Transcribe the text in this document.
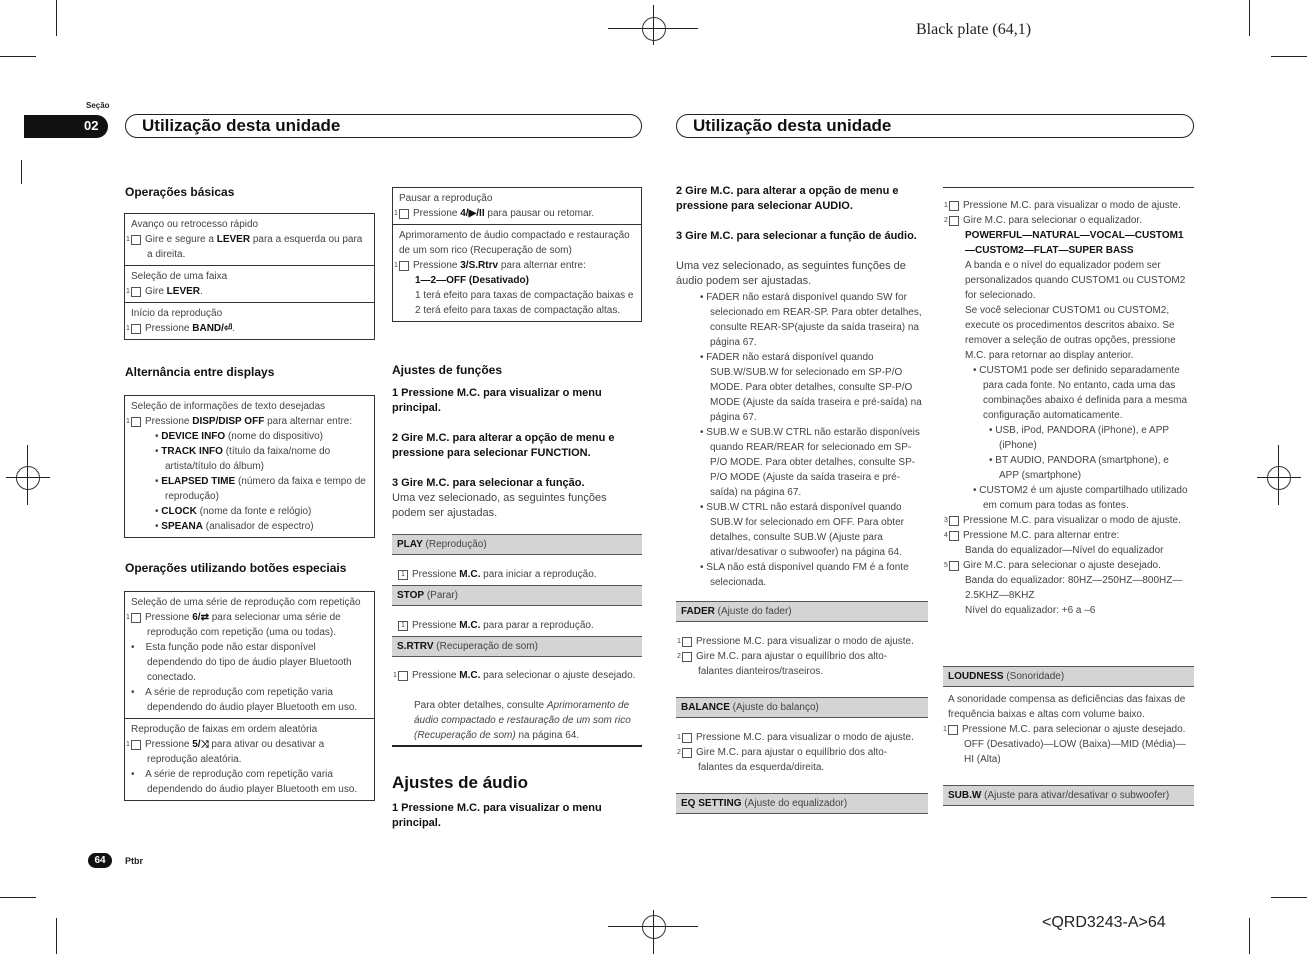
Black plate (64,1)
<QRD3243-A>64
Seção
02	Utilização desta unidade	Utilização desta unidade
Operações básicas
Avanço ou retrocesso rápido
1 Gire e segure a LEVER para a esquerda ou para a direita.
Seleção de uma faixa
1 Gire LEVER.
Início da reprodução
1 Pressione BAND/⏎.
Alternância entre displays
Seleção de informações de texto desejadas
1 Pressione DISP/DISP OFF para alternar entre:
• DEVICE INFO (nome do dispositivo)
• TRACK INFO (título da faixa/nome do artista/título do álbum)
• ELAPSED TIME (número da faixa e tempo de reprodução)
• CLOCK (nome da fonte e relógio)
• SPEANA (analisador de espectro)
Operações utilizando botões especiais
Seleção de uma série de reprodução com repetição
1 Pressione 6/⇄ para selecionar uma série de reprodução com repetição (uma ou todas).
•    Esta função pode não estar disponível dependendo do tipo de áudio player Bluetooth conectado.
•    A série de reprodução com repetição varia dependendo do áudio player Bluetooth em uso.
Reprodução de faixas em ordem aleatória
1 Pressione 5/⤨ para ativar ou desativar a reprodução aleatória.
•    A série de reprodução com repetição varia dependendo do áudio player Bluetooth em uso.
Pausar a reprodução
1 Pressione 4/▶/II para pausar ou retomar.
Aprimoramento de áudio compactado e restauração de um som rico (Recuperação de som)
1 Pressione 3/S.Rtrv para alternar entre:
1—2—OFF (Desativado)
1 terá efeito para taxas de compactação baixas e 2 terá efeito para taxas de compactação altas.
Ajustes de funções
1 Pressione M.C. para visualizar o menu principal.
2 Gire M.C. para alterar a opção de menu e pressione para selecionar FUNCTION.
3 Gire M.C. para selecionar a função.
Uma vez selecionado, as seguintes funções podem ser ajustadas.
PLAY (Reprodução)
1 Pressione M.C. para iniciar a reprodução.
STOP (Parar)
1 Pressione M.C. para parar a reprodução.
S.RTRV (Recuperação de som)
1 Pressione M.C. para selecionar o ajuste desejado.
Para obter detalhes, consulte Aprimoramento de áudio compactado e restauração de um som rico (Recuperação de som) na página 64.
Ajustes de áudio
1 Pressione M.C. para visualizar o menu principal.
2 Gire M.C. para alterar a opção de menu e pressione para selecionar AUDIO.
3 Gire M.C. para selecionar a função de áudio.
Uma vez selecionado, as seguintes funções de áudio podem ser ajustadas.
• FADER não estará disponível quando SW for selecionado em REAR-SP. Para obter detalhes, consulte REAR-SP(ajuste da saída traseira) na página 67.
• FADER não estará disponível quando SUB.W/SUB.W for selecionado em SP-P/O MODE. Para obter detalhes, consulte SP-P/O MODE (Ajuste da saída traseira e pré-saída) na página 67.
• SUB.W e SUB.W CTRL não estarão disponíveis quando REAR/REAR for selecionado em SP-P/O MODE. Para obter detalhes, consulte SP-P/O MODE (Ajuste da saída traseira e pré-saída) na página 67.
• SUB.W CTRL não estará disponível quando SUB.W for selecionado em OFF. Para obter detalhes, consulte SUB.W (Ajuste para ativar/desativar o subwoofer) na página 64.
• SLA não está disponível quando FM é a fonte selecionada.
FADER (Ajuste do fader)
1 Pressione M.C. para visualizar o modo de ajuste.
2 Gire M.C. para ajustar o equilíbrio dos alto-falantes dianteiros/traseiros.
BALANCE (Ajuste do balanço)
1 Pressione M.C. para visualizar o modo de ajuste.
2 Gire M.C. para ajustar o equilíbrio dos alto-falantes da esquerda/direita.
EQ SETTING (Ajuste do equalizador)
1 Pressione M.C. para visualizar o modo de ajuste.
2 Gire M.C. para selecionar o equalizador.
POWERFUL—NATURAL—VOCAL—CUSTOM1—CUSTOM2—FLAT—SUPER BASS
A banda e o nível do equalizador podem ser personalizados quando CUSTOM1 ou CUSTOM2 for selecionado.
Se você selecionar CUSTOM1 ou CUSTOM2, execute os procedimentos descritos abaixo. Se remover a seleção de outras opções, pressione M.C. para retornar ao display anterior.
• CUSTOM1 pode ser definido separadamente para cada fonte. No entanto, cada uma das combinações abaixo é definida para a mesma configuração automaticamente.
• USB, iPod, PANDORA (iPhone), e APP (iPhone)
• BT AUDIO, PANDORA (smartphone), e APP (smartphone)
• CUSTOM2 é um ajuste compartilhado utilizado em comum para todas as fontes.
3 Pressione M.C. para visualizar o modo de ajuste.
4 Pressione M.C. para alternar entre:
Banda do equalizador—Nível do equalizador
5 Gire M.C. para selecionar o ajuste desejado.
Banda do equalizador: 80HZ—250HZ—800HZ—2.5KHZ—8KHZ
Nível do equalizador: +6 a –6
LOUDNESS (Sonoridade)
A sonoridade compensa as deficiências das faixas de frequência baixas e altas com volume baixo.
1 Pressione M.C. para selecionar o ajuste desejado.
OFF (Desativado)—LOW (Baixa)—MID (Média)—HI (Alta)
SUB.W (Ajuste para ativar/desativar o subwoofer)
64	Ptbr
